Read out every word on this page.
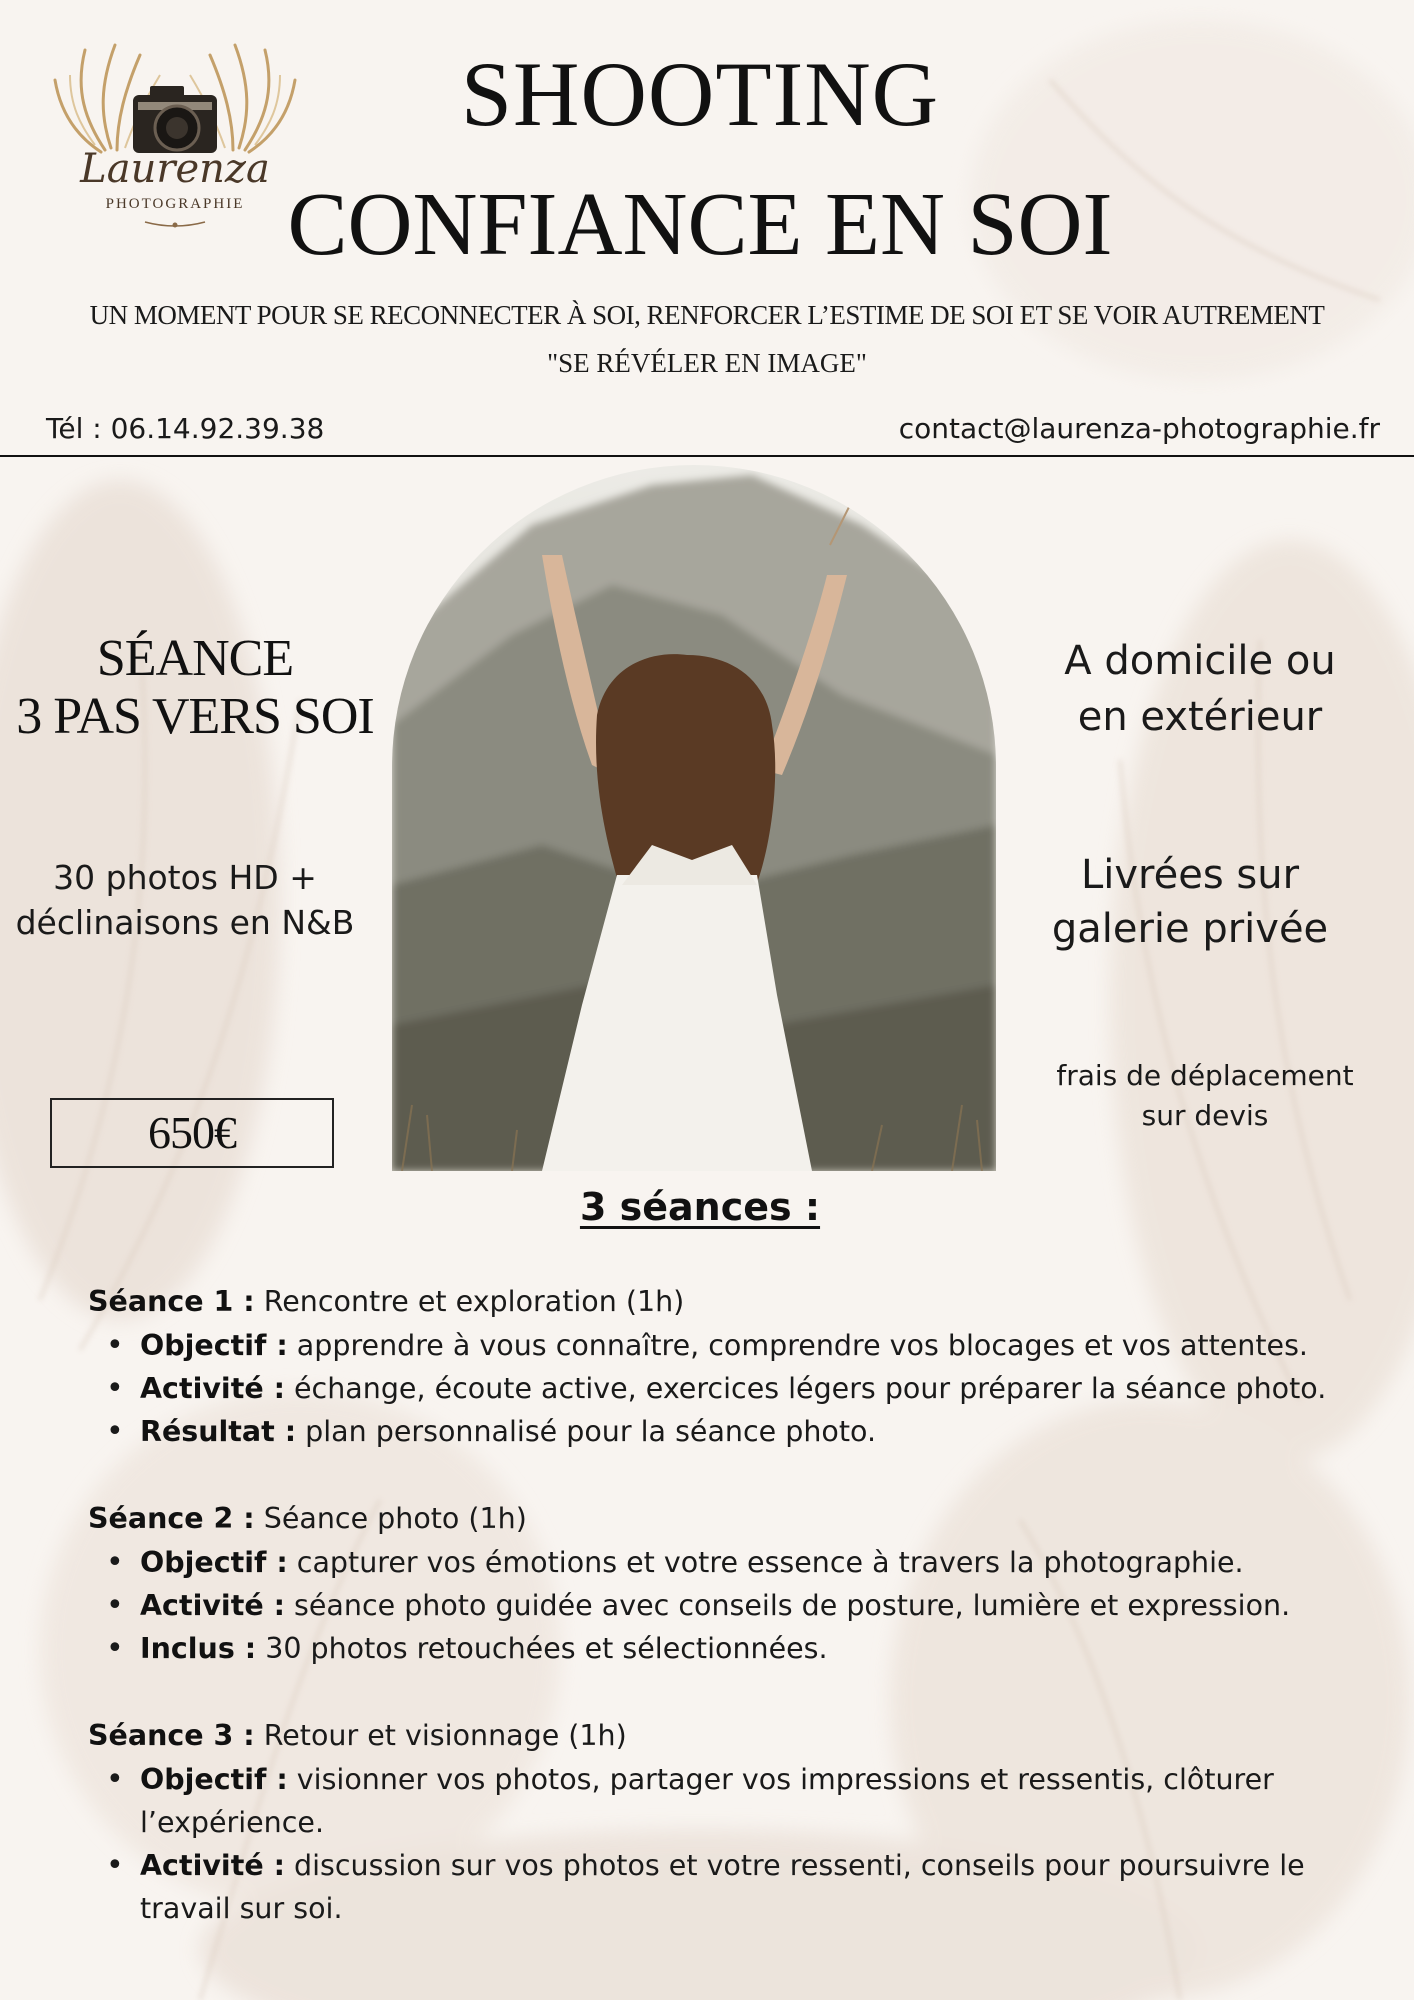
Laurenza
PHOTOGRAPHIE
SHOOTING
CONFIANCE EN SOI
UN MOMENT POUR SE RECONNECTER À SOI, RENFORCER L’ESTIME DE SOI ET SE VOIR AUTREMENT
"SE RÉVÉLER EN IMAGE"
Tél : 06.14.92.39.38	contact@laurenza-photographie.fr
SÉANCE
3 PAS VERS SOI
30 photos HD +
déclinaisons en N&B
650€
A domicile ou
en extérieur
Livrées sur
galerie privée
frais de déplacement
sur devis
3 séances :
Séance 1 : Rencontre et exploration (1h)
• Objectif : apprendre à vous connaître, comprendre vos blocages et vos attentes.
• Activité : échange, écoute active, exercices légers pour préparer la séance photo.
• Résultat : plan personnalisé pour la séance photo.
Séance 2 : Séance photo (1h)
• Objectif : capturer vos émotions et votre essence à travers la photographie.
• Activité : séance photo guidée avec conseils de posture, lumière et expression.
• Inclus : 30 photos retouchées et sélectionnées.
Séance 3 : Retour et visionnage (1h)
• Objectif : visionner vos photos, partager vos impressions et ressentis, clôturer l’expérience.
• Activité : discussion sur vos photos et votre ressenti, conseils pour poursuivre le travail sur soi.
